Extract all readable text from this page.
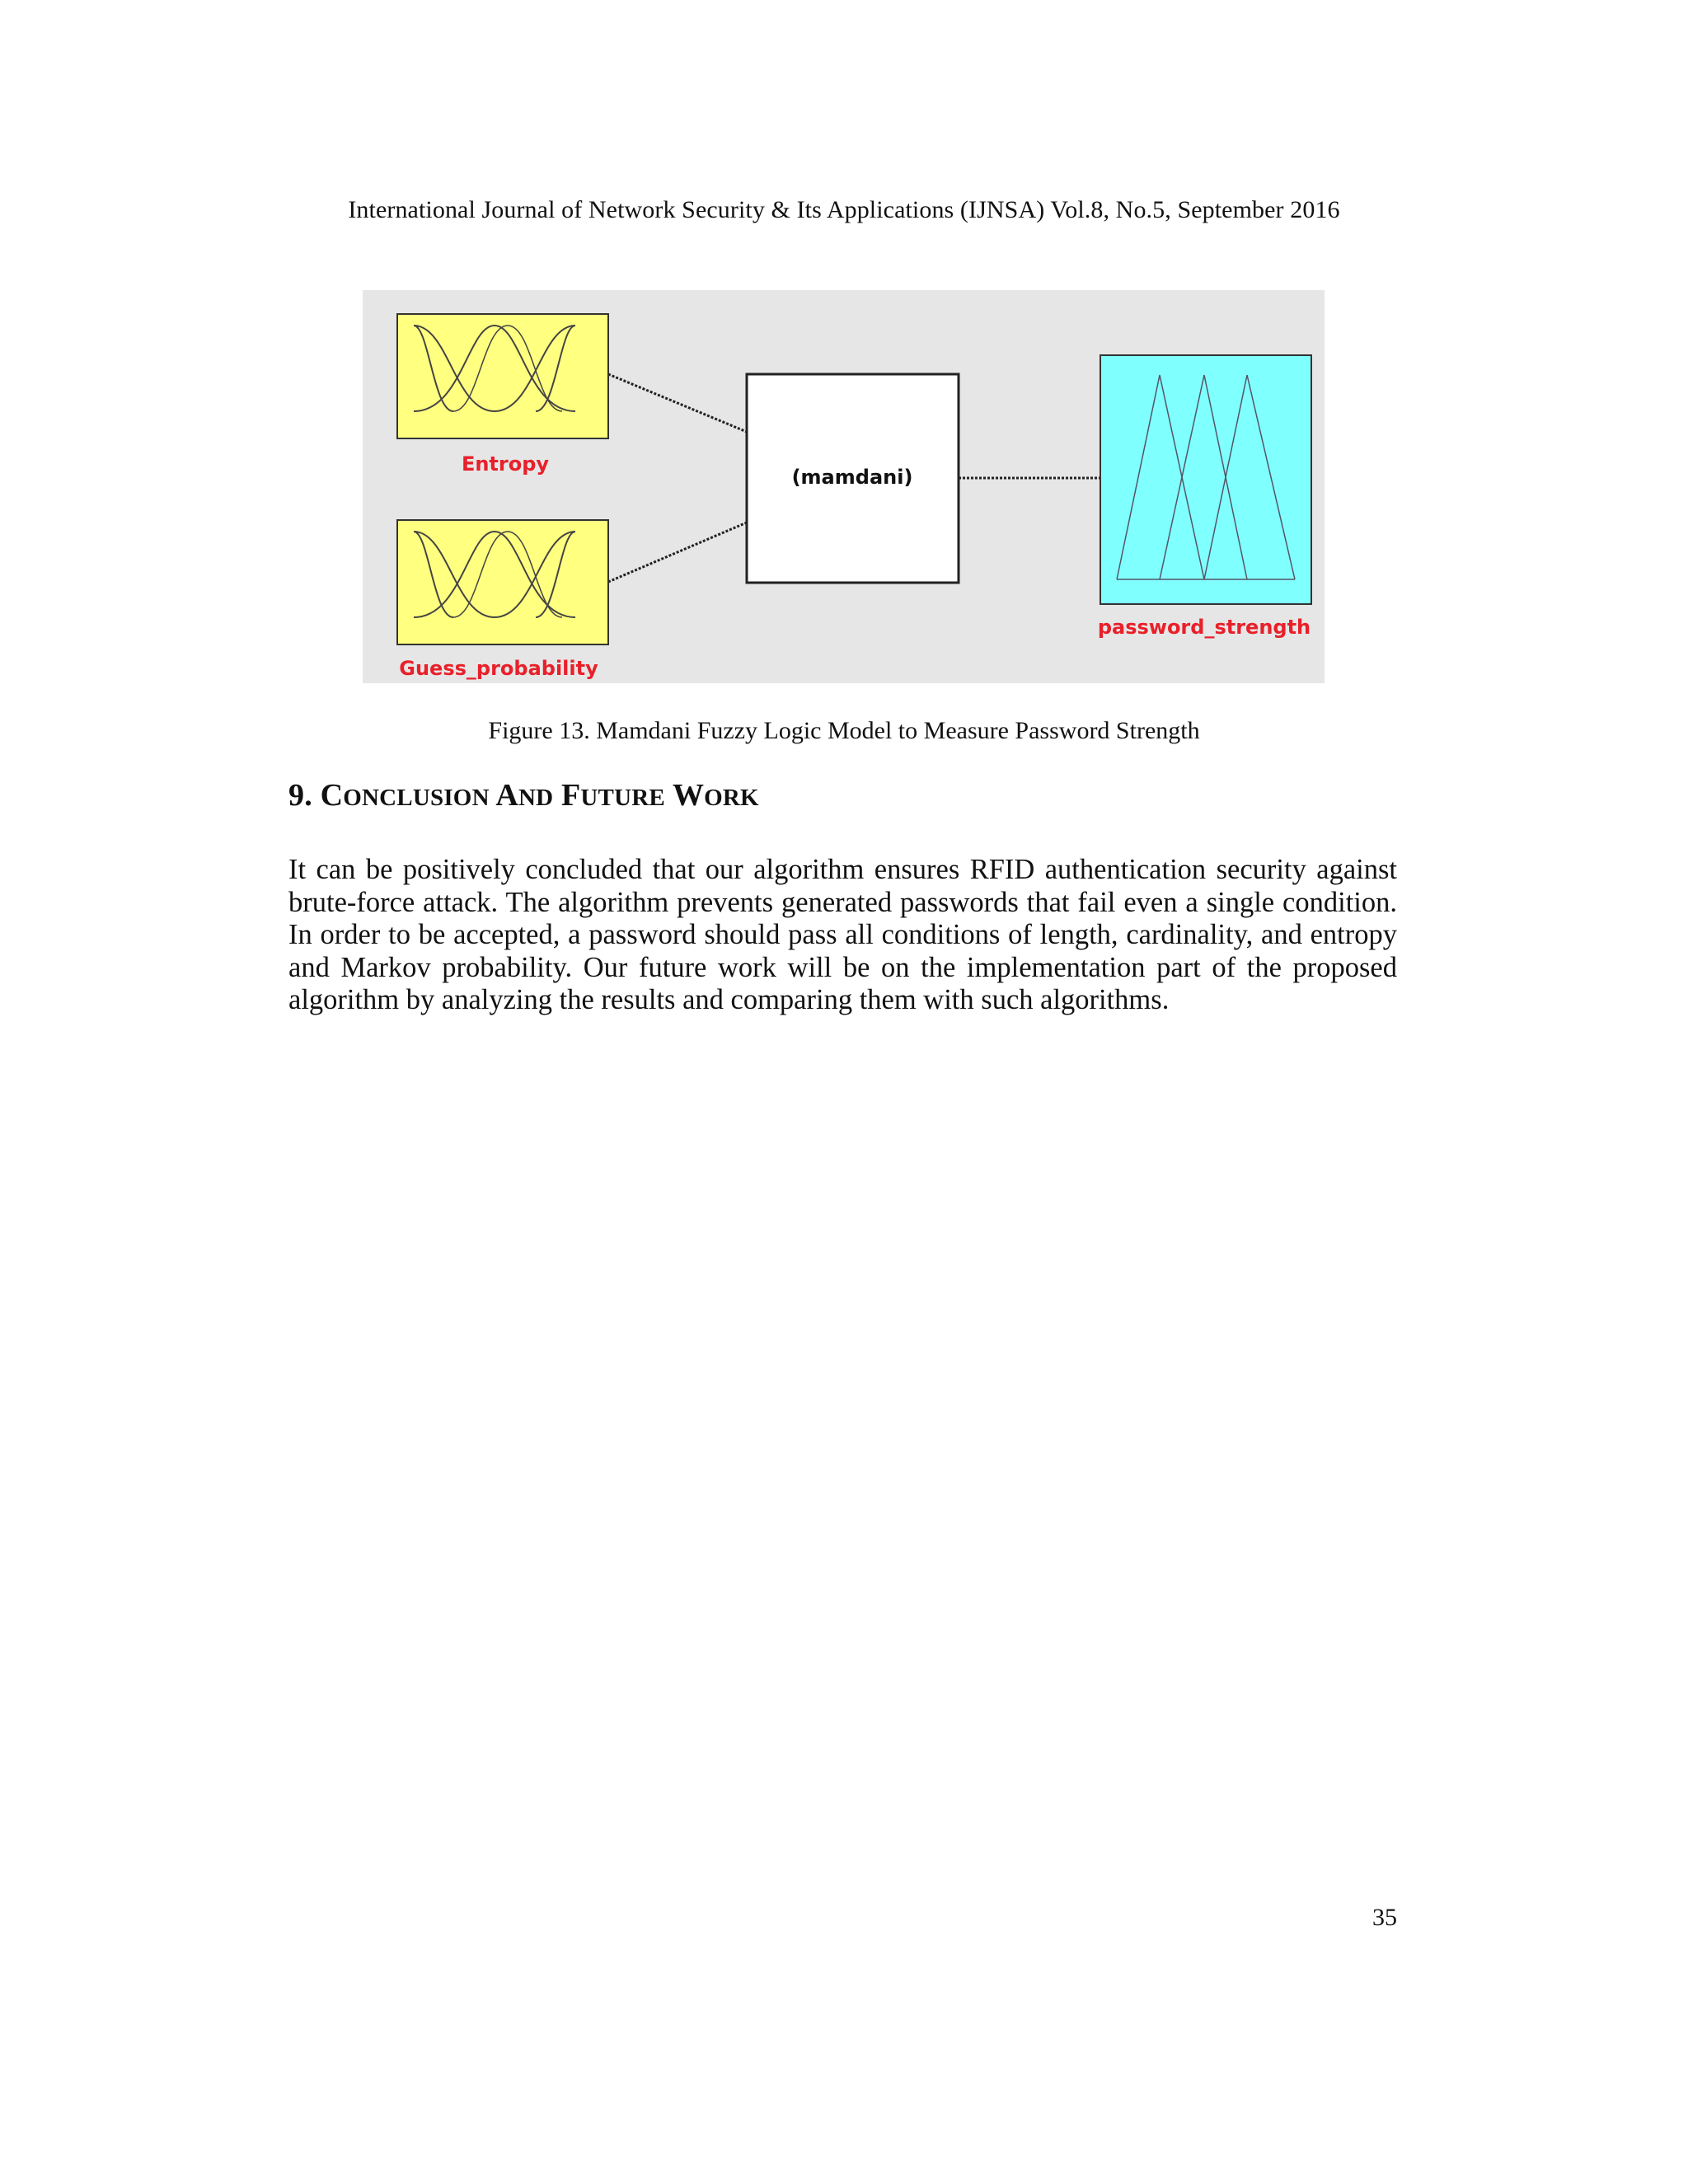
International Journal of Network Security & Its Applications (IJNSA) Vol.8, No.5, September 2016
Entropy
Guess_probability
(mamdani)
password_strength
Figure 13. Mamdani Fuzzy Logic Model to Measure Password Strength
9. CONCLUSION AND FUTURE WORK
It can be positively concluded that our algorithm ensures RFID authentication security against brute-force attack. The algorithm prevents generated passwords that fail even a single condition. In order to be accepted, a password should pass all conditions of length, cardinality, and entropy and Markov probability. Our future work will be on the implementation part of the proposed algorithm by analyzing the results and comparing them with such algorithms.
35
